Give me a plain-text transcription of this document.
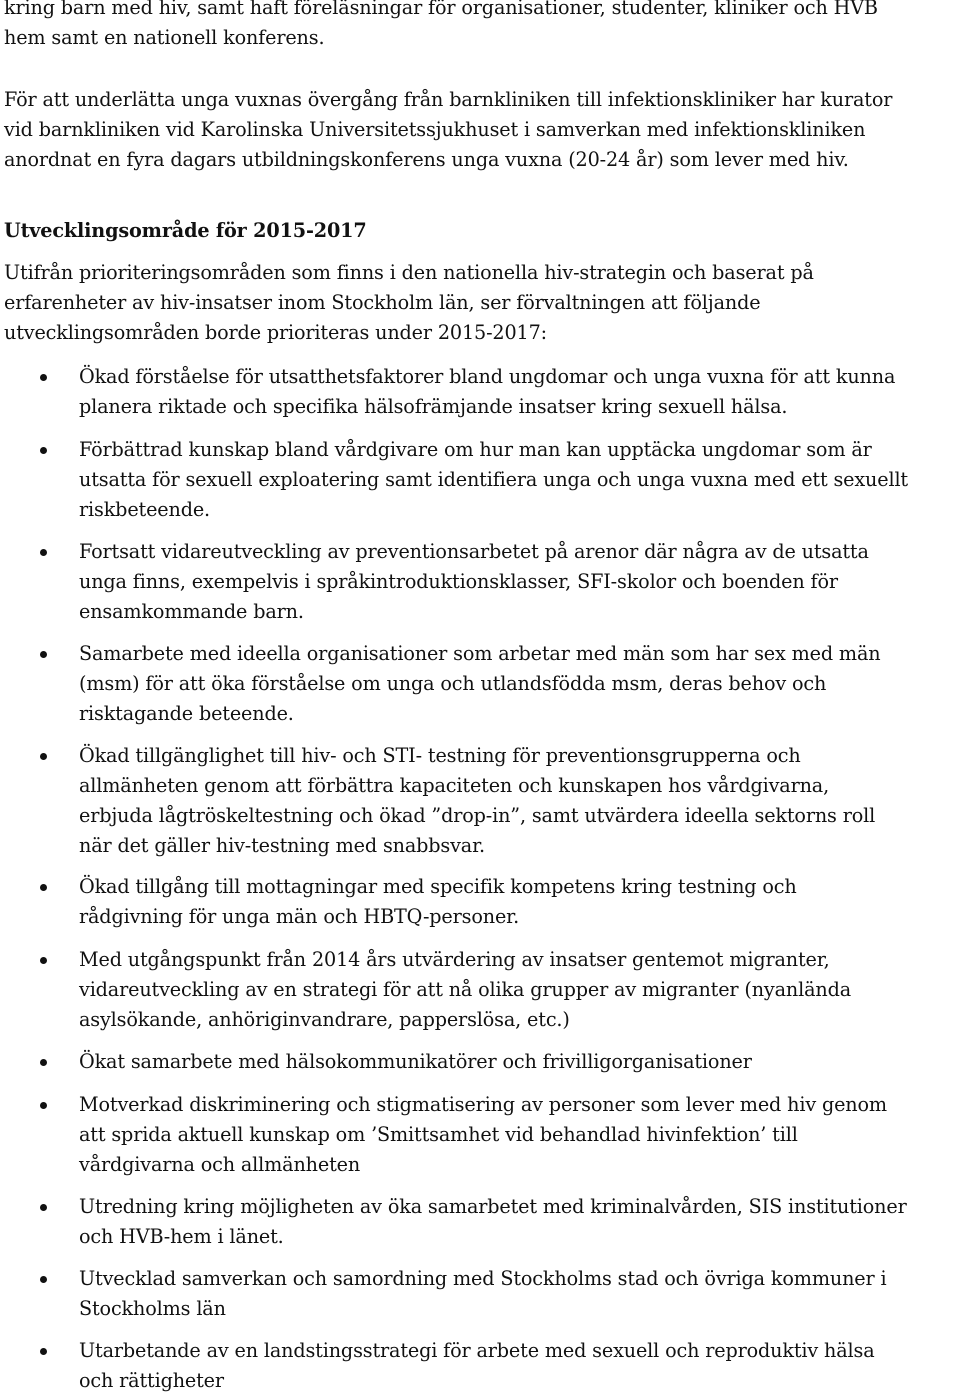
kring barn med hiv, samt haft föreläsningar för organisationer, studenter, kliniker och HVB
hem samt en nationell konferens.

För att underlätta unga vuxnas övergång från barnkliniken till infektionskliniker har kurator
vid barnkliniken vid Karolinska Universitetssjukhuset i samverkan med infektionskliniken
anordnat en fyra dagars utbildningskonferens unga vuxna (20-24 år) som lever med hiv.

Utvecklingsområde för 2015-2017

Utifrån prioriteringsområden som finns i den nationella hiv-strategin och baserat på
erfarenheter av hiv-insatser inom Stockholm län, ser förvaltningen att följande
utvecklingsområden borde prioriteras under 2015-2017:

Ökad förståelse för utsatthetsfaktorer bland ungdomar och unga vuxna för att kunna
planera riktade och specifika hälsofrämjande insatser kring sexuell hälsa.

Förbättrad kunskap bland vårdgivare om hur man kan upptäcka ungdomar som är
utsatta för sexuell exploatering samt identifiera unga och unga vuxna med ett sexuellt
riskbeteende.

Fortsatt vidareutveckling av preventionsarbetet på arenor där några av de utsatta
unga finns, exempelvis i språkintroduktionsklasser, SFI-skolor och boenden för
ensamkommande barn.

Samarbete med ideella organisationer som arbetar med män som har sex med män
(msm) för att öka förståelse om unga och utlandsfödda msm, deras behov och
risktagande beteende.

Ökad tillgänglighet till hiv- och STI- testning för preventionsgrupperna och
allmänheten genom att förbättra kapaciteten och kunskapen hos vårdgivarna,
erbjuda lågtröskeltestning och ökad ”drop-in”, samt utvärdera ideella sektorns roll
när det gäller hiv-testning med snabbsvar.

Ökad tillgång till mottagningar med specifik kompetens kring testning och
rådgivning för unga män och HBTQ-personer.

Med utgångspunkt från 2014 års utvärdering av insatser gentemot migranter,
vidareutveckling av en strategi för att nå olika grupper av migranter (nyanlända
asylsökande, anhöriginvandrare, papperslösa, etc.)

Ökat samarbete med hälsokommunikatörer och frivilligorganisationer

Motverkad diskriminering och stigmatisering av personer som lever med hiv genom
att sprida aktuell kunskap om ’Smittsamhet vid behandlad hivinfektion’ till
vårdgivarna och allmänheten

Utredning kring möjligheten av öka samarbetet med kriminalvården, SIS institutioner
och HVB-hem i länet.

Utvecklad samverkan och samordning med Stockholms stad och övriga kommuner i
Stockholms län

Utarbetande av en landstingsstrategi för arbete med sexuell och reproduktiv hälsa
och rättigheter
